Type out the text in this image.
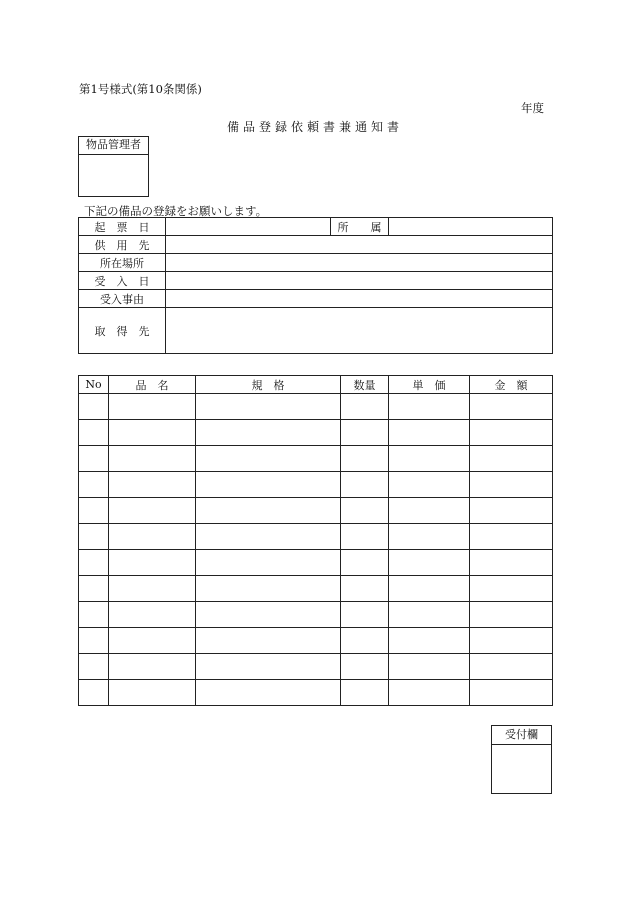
第1号様式(第10条関係)
年度
備品登録依頼書兼通知書
物品管理者
下記の備品の登録をお願いします。
起　票　日		所　　属	
供　用　先			
所在場所			
受　入　日			
受入事由			
取　得　先			
No	品　名	規　格	数量	単　価	金　額

受付欄
